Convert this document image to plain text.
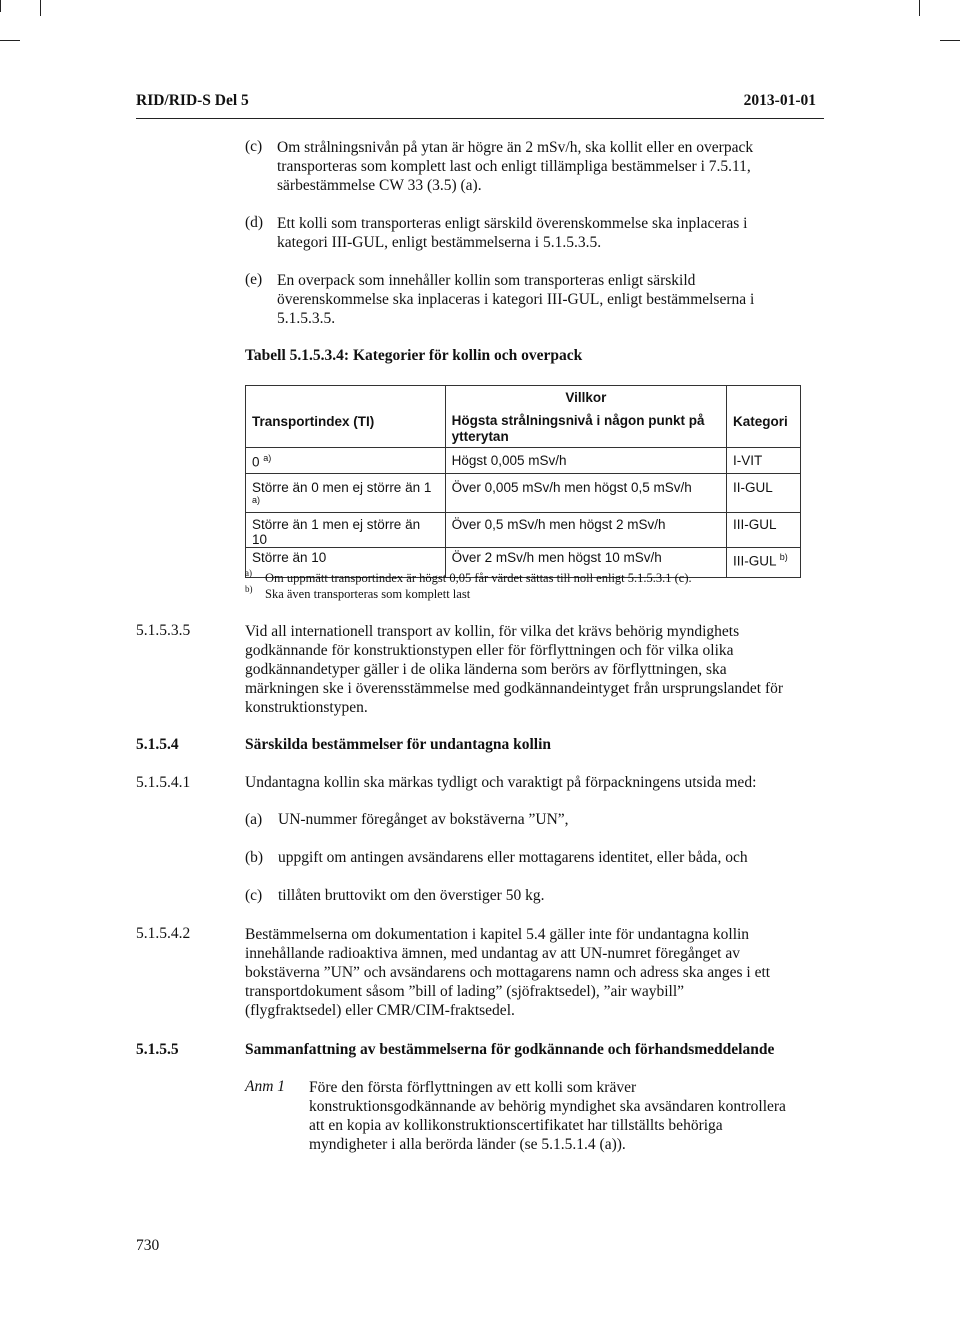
RID/RID-S Del 5	2013-01-01
(c) Om strålningsnivån på ytan är högre än 2 mSv/h, ska kollit eller en overpack
transporteras som komplett last och enligt tillämpliga bestämmelser i 7.5.11,
särbestämmelse CW 33 (3.5) (a).
(d) Ett kolli som transporteras enligt särskild överenskommelse ska inplaceras i
kategori III-GUL, enligt bestämmelserna i 5.1.5.3.5.
(e) En overpack som innehåller kollin som transporteras enligt särskild
överenskommelse ska inplaceras i kategori III-GUL, enligt bestämmelserna i
5.1.5.3.5.
Tabell 5.1.5.3.4: Kategorier för kollin och overpack
Transportindex (TI)	Villkor	Kategori

	Högsta strålningsnivå i någon punkt på
ytterytan	

0 $^{a)}$	Högst 0,005 mSv/h	I-VIT
Större än 0 men ej större än 1 $^{a)}$	Över 0,005 mSv/h men högst 0,5 mSv/h	II-GUL
Större än 1 men ej större än 10	Över 0,5 mSv/h men högst 2 mSv/h	III-GUL
Större än 10	Över 2 mSv/h men högst 10 mSv/h	III-GUL $^{b)}$
a) Om uppmätt transportindex är högst 0,05 får värdet sättas till noll enligt 5.1.5.3.1 (c).
b) Ska även transporteras som komplett last
5.1.5.3.5	Vid all internationell transport av kollin, för vilka det krävs behörig myndighets
godkännande för konstruktionstypen eller för förflyttningen och för vilka olika
godkännandetyper gäller i de olika länderna som berörs av förflyttningen, ska
märkningen ske i överensstämmelse med godkännandeintyget från ursprungslandet för
konstruktionstypen.
5.1.5.4	Särskilda bestämmelser för undantagna kollin
5.1.5.4.1	Undantagna kollin ska märkas tydligt och varaktigt på förpackningens utsida med:
(a) UN-nummer föregånget av bokstäverna ”UN”,
(b) uppgift om antingen avsändarens eller mottagarens identitet, eller båda, och
(c) tillåten bruttovikt om den överstiger 50 kg.
5.1.5.4.2	Bestämmelserna om dokumentation i kapitel 5.4 gäller inte för undantagna kollin
innehållande radioaktiva ämnen, med undantag av att UN-numret föregånget av
bokstäverna ”UN” och avsändarens och mottagarens namn och adress ska anges i ett
transportdokument såsom ”bill of lading” (sjöfraktsedel), ”air waybill”
(flygfraktsedel) eller CMR/CIM-fraktsedel.
5.1.5.5	Sammanfattning av bestämmelserna för godkännande och förhandsmeddelande
Anm 1 Före den första förflyttningen av ett kolli som kräver
konstruktionsgodkännande av behörig myndighet ska avsändaren kontrollera
att en kopia av kollikonstruktionscertifikatet har tillställts behöriga
myndigheter i alla berörda länder (se 5.1.5.1.4 (a)).
730
